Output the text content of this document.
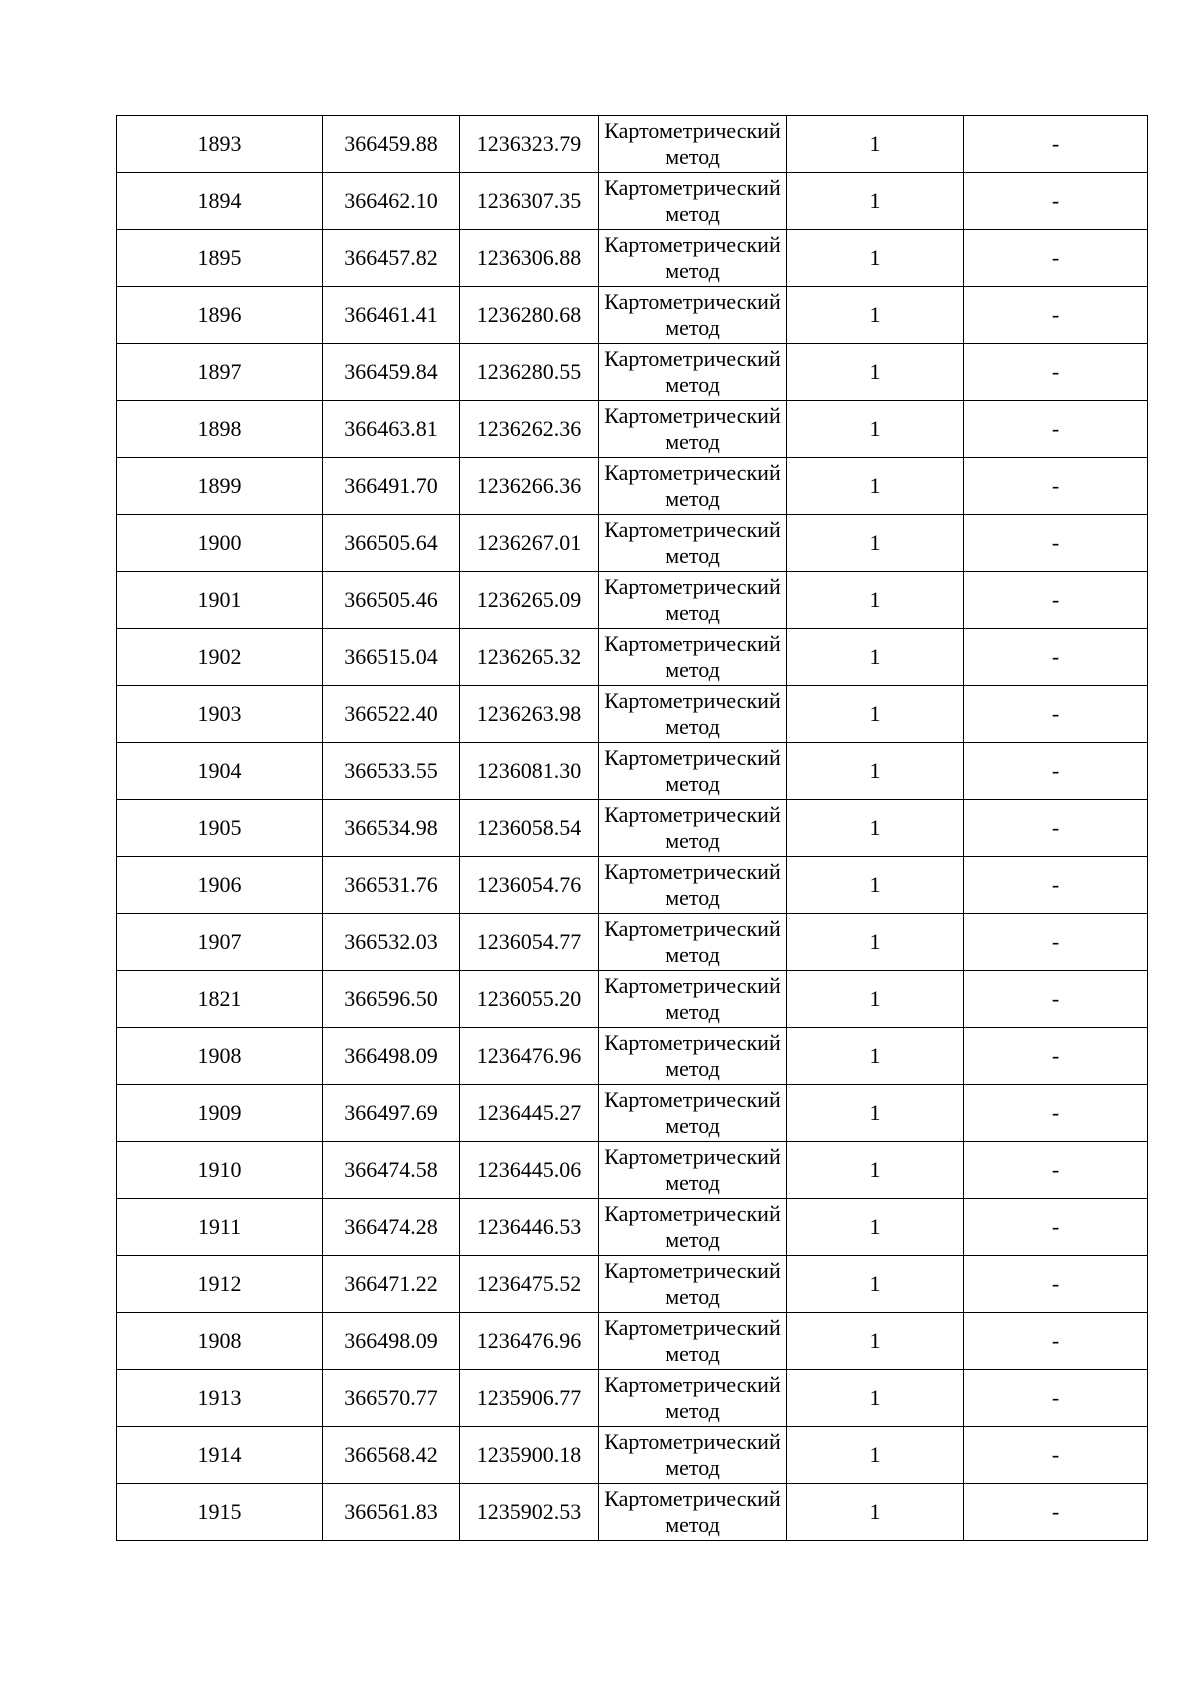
1893	366459.88	1236323.79	Картометрический метод	1	-
1894	366462.10	1236307.35	Картометрический метод	1	-
1895	366457.82	1236306.88	Картометрический метод	1	-
1896	366461.41	1236280.68	Картометрический метод	1	-
1897	366459.84	1236280.55	Картометрический метод	1	-
1898	366463.81	1236262.36	Картометрический метод	1	-
1899	366491.70	1236266.36	Картометрический метод	1	-
1900	366505.64	1236267.01	Картометрический метод	1	-
1901	366505.46	1236265.09	Картометрический метод	1	-
1902	366515.04	1236265.32	Картометрический метод	1	-
1903	366522.40	1236263.98	Картометрический метод	1	-
1904	366533.55	1236081.30	Картометрический метод	1	-
1905	366534.98	1236058.54	Картометрический метод	1	-
1906	366531.76	1236054.76	Картометрический метод	1	-
1907	366532.03	1236054.77	Картометрический метод	1	-
1821	366596.50	1236055.20	Картометрический метод	1	-
1908	366498.09	1236476.96	Картометрический метод	1	-
1909	366497.69	1236445.27	Картометрический метод	1	-
1910	366474.58	1236445.06	Картометрический метод	1	-
1911	366474.28	1236446.53	Картометрический метод	1	-
1912	366471.22	1236475.52	Картометрический метод	1	-
1908	366498.09	1236476.96	Картометрический метод	1	-
1913	366570.77	1235906.77	Картометрический метод	1	-
1914	366568.42	1235900.18	Картометрический метод	1	-
1915	366561.83	1235902.53	Картометрический метод	1	-
